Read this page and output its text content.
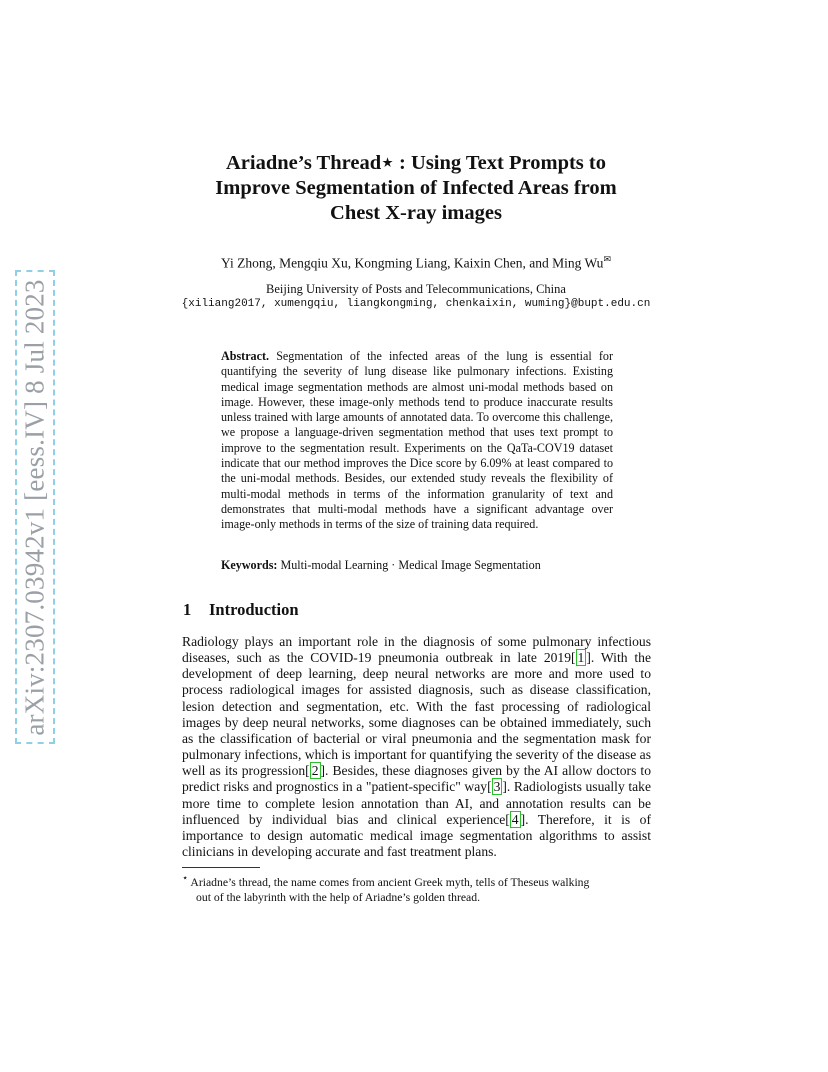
arXiv:2307.03942v1 [eess.IV] 8 Jul 2023
Ariadne’s Thread⋆ : Using Text Prompts to
Improve Segmentation of Infected Areas from
Chest X-ray images
Yi Zhong, Mengqiu Xu, Kongming Liang, Kaixin Chen, and Ming Wu✉
Beijing University of Posts and Telecommunications, China
{xiliang2017, xumengqiu, liangkongming, chenkaixin, wuming}@bupt.edu.cn
Abstract. Segmentation of the infected areas of the lung is essential for quantifying the severity of lung disease like pulmonary infections. Existing medical image segmentation methods are almost uni-modal methods based on image. However, these image-only methods tend to produce inaccurate results unless trained with large amounts of annotated data. To overcome this challenge, we propose a language-driven segmentation method that uses text prompt to improve to the segmentation result. Experiments on the QaTa-COV19 dataset indicate that our method improves the Dice score by 6.09% at least compared to the uni-modal methods. Besides, our extended study reveals the flexibility of multi-modal methods in terms of the information granularity of text and demonstrates that multi-modal methods have a significant advantage over image-only methods in terms of the size of training data required.
Keywords: Multi-modal Learning · Medical Image Segmentation
1 Introduction
Radiology plays an important role in the diagnosis of some pulmonary infectious diseases, such as the COVID-19 pneumonia outbreak in late 2019[ 1 ]. With the development of deep learning, deep neural networks are more and more used to process radiological images for assisted diagnosis, such as disease classification, lesion detection and segmentation, etc. With the fast processing of radiological images by deep neural networks, some diagnoses can be obtained immediately, such as the classification of bacterial or viral pneumonia and the segmentation mask for pulmonary infections, which is important for quantifying the severity of the disease as well as its progression[ 2 ]. Besides, these diagnoses given by the AI allow doctors to predict risks and prognostics in a "patient-specific" way[ 3 ]. Radiologists usually take more time to complete lesion annotation than AI, and annotation results can be influenced by individual bias and clinical experience[ 4 ]. Therefore, it is of importance to design automatic medical image segmentation algorithms to assist clinicians in developing accurate and fast treatment plans.
⋆ Ariadne’s thread, the name comes from ancient Greek myth, tells of Theseus walking
out of the labyrinth with the help of Ariadne’s golden thread.
